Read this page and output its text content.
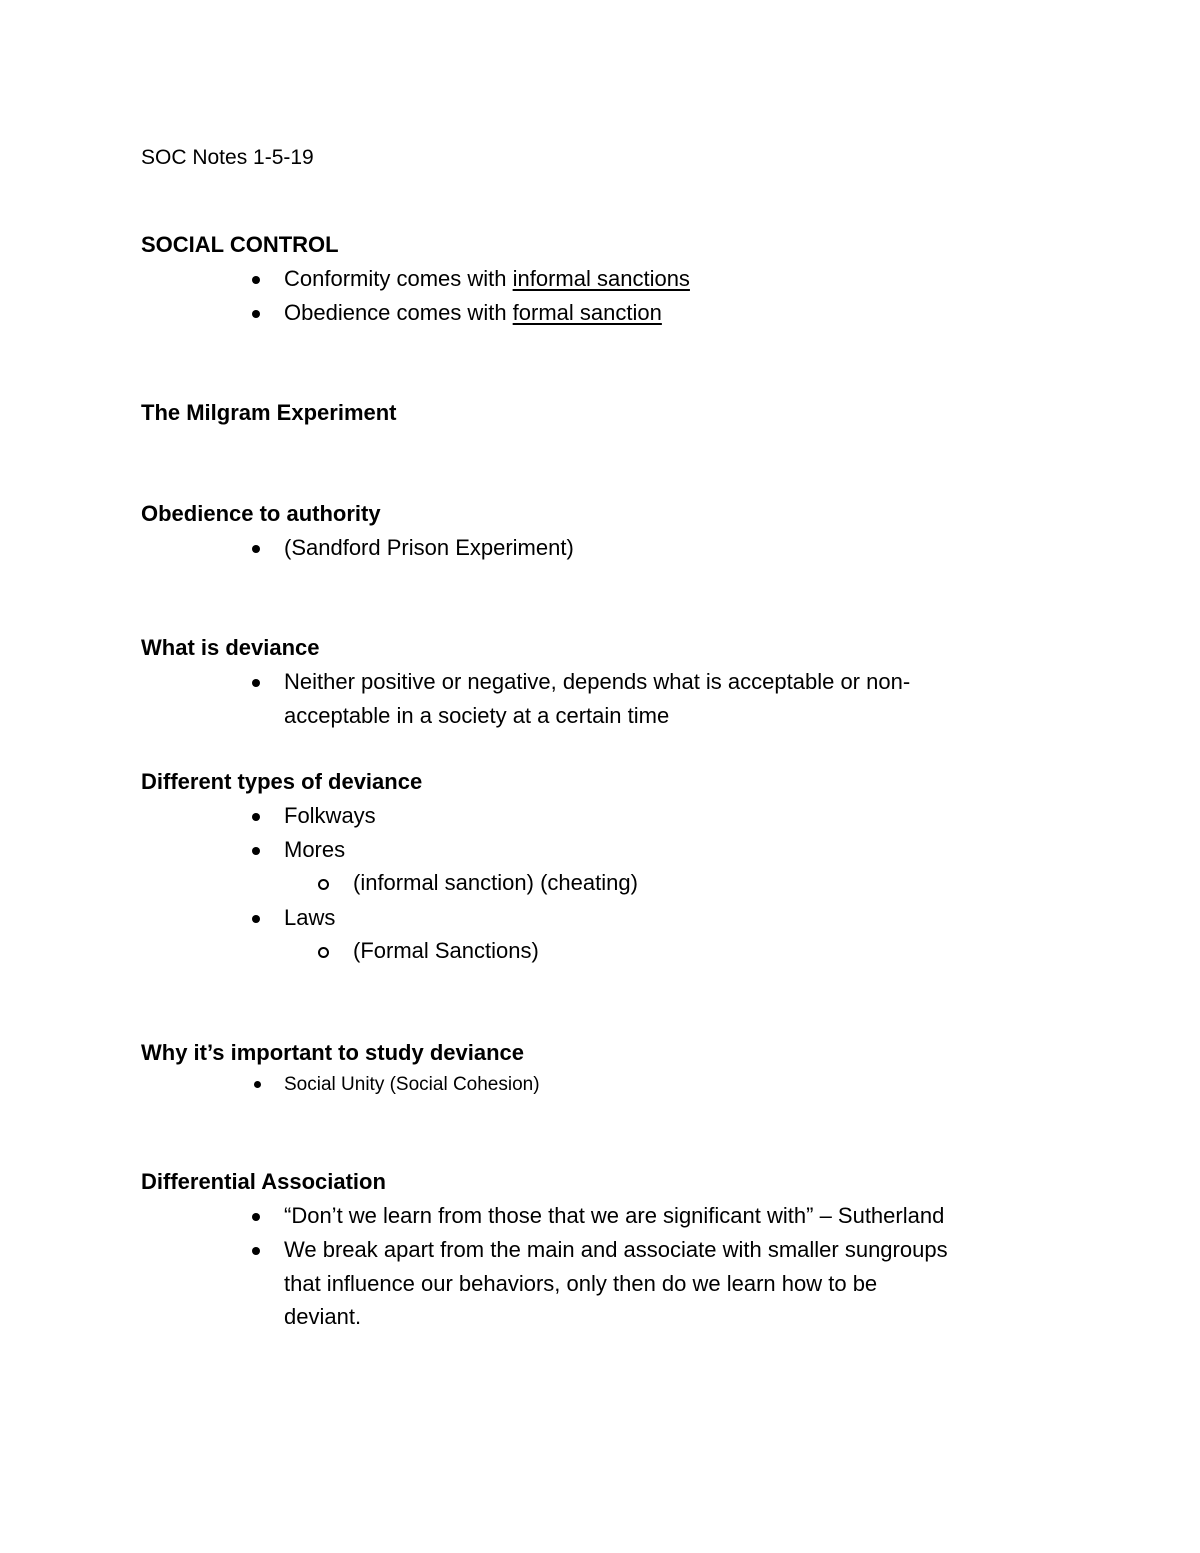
SOC Notes 1-5-19
SOCIAL CONTROL
Conformity comes with informal sanctions
Obedience comes with formal sanction
The Milgram Experiment
Obedience to authority
(Sandford Prison Experiment)
What is deviance
Neither positive or negative, depends what is acceptable or non-
acceptable in a society at a certain time
Different types of deviance
Folkways
Mores
(informal sanction) (cheating)
Laws
(Formal Sanctions)
Why it’s important to study deviance
Social Unity (Social Cohesion)
Differential Association
“Don’t we learn from those that we are significant with” – Sutherland
We break apart from the main and associate with smaller sungroups
that influence our behaviors, only then do we learn how to be
deviant.
